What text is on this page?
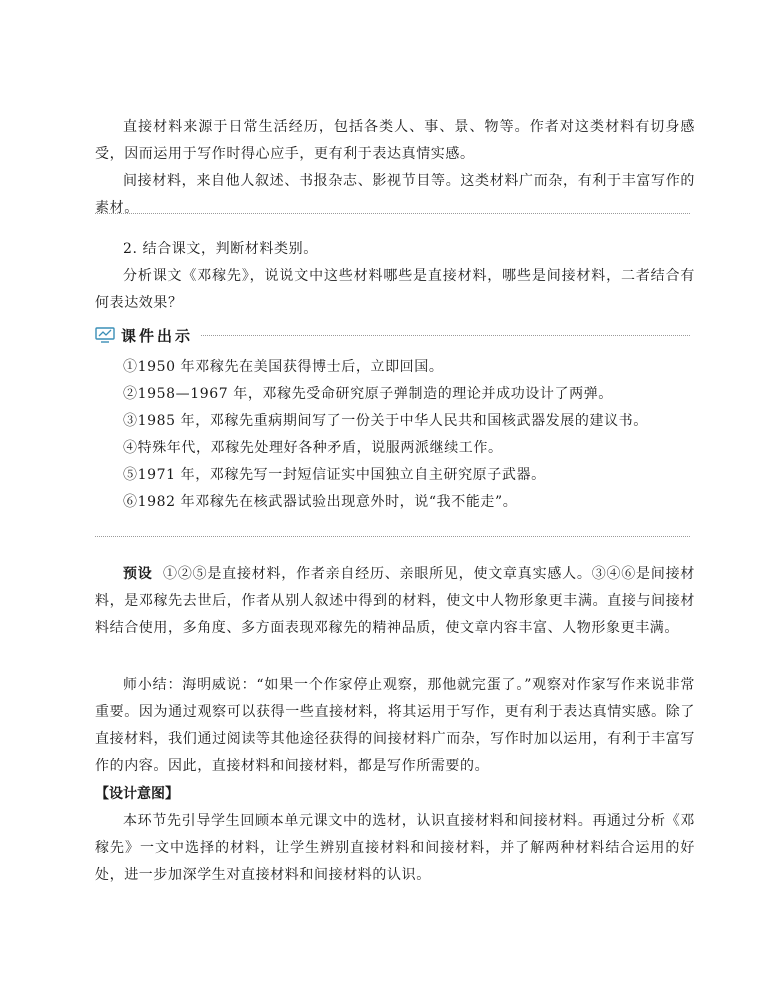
直接材料来源于日常生活经历，包括各类人、事、景、物等。作者对这类材料有切身感受，因而运用于写作时得心应手，更有利于表达真情实感。

间接材料，来自他人叙述、书报杂志、影视节目等。这类材料广而杂，有利于丰富写作的素材。

2. 结合课文，判断材料类别。

分析课文《邓稼先》，说说文中这些材料哪些是直接材料，哪些是间接材料，二者结合有何表达效果？

课件出示
①1950 年邓稼先在美国获得博士后，立即回国。
②1958—1967 年，邓稼先受命研究原子弹制造的理论并成功设计了两弹。
③1985 年，邓稼先重病期间写了一份关于中华人民共和国核武器发展的建议书。
④特殊年代，邓稼先处理好各种矛盾，说服两派继续工作。
⑤1971 年，邓稼先写一封短信证实中国独立自主研究原子武器。
⑥1982 年邓稼先在核武器试验出现意外时，说“我不能走”。

预设 ①②⑤是直接材料，作者亲自经历、亲眼所见，使文章真实感人。③④⑥是间接材料，是邓稼先去世后，作者从别人叙述中得到的材料，使文中人物形象更丰满。直接与间接材料结合使用，多角度、多方面表现邓稼先的精神品质，使文章内容丰富、人物形象更丰满。

师小结：海明威说：“如果一个作家停止观察，那他就完蛋了。”观察对作家写作来说非常重要。因为通过观察可以获得一些直接材料，将其运用于写作，更有利于表达真情实感。除了直接材料，我们通过阅读等其他途径获得的间接材料广而杂，写作时加以运用，有利于丰富写作的内容。因此，直接材料和间接材料，都是写作所需要的。

【设计意图】

本环节先引导学生回顾本单元课文中的选材，认识直接材料和间接材料。再通过分析《邓稼先》一文中选择的材料，让学生辨别直接材料和间接材料，并了解两种材料结合运用的好处，进一步加深学生对直接材料和间接材料的认识。
